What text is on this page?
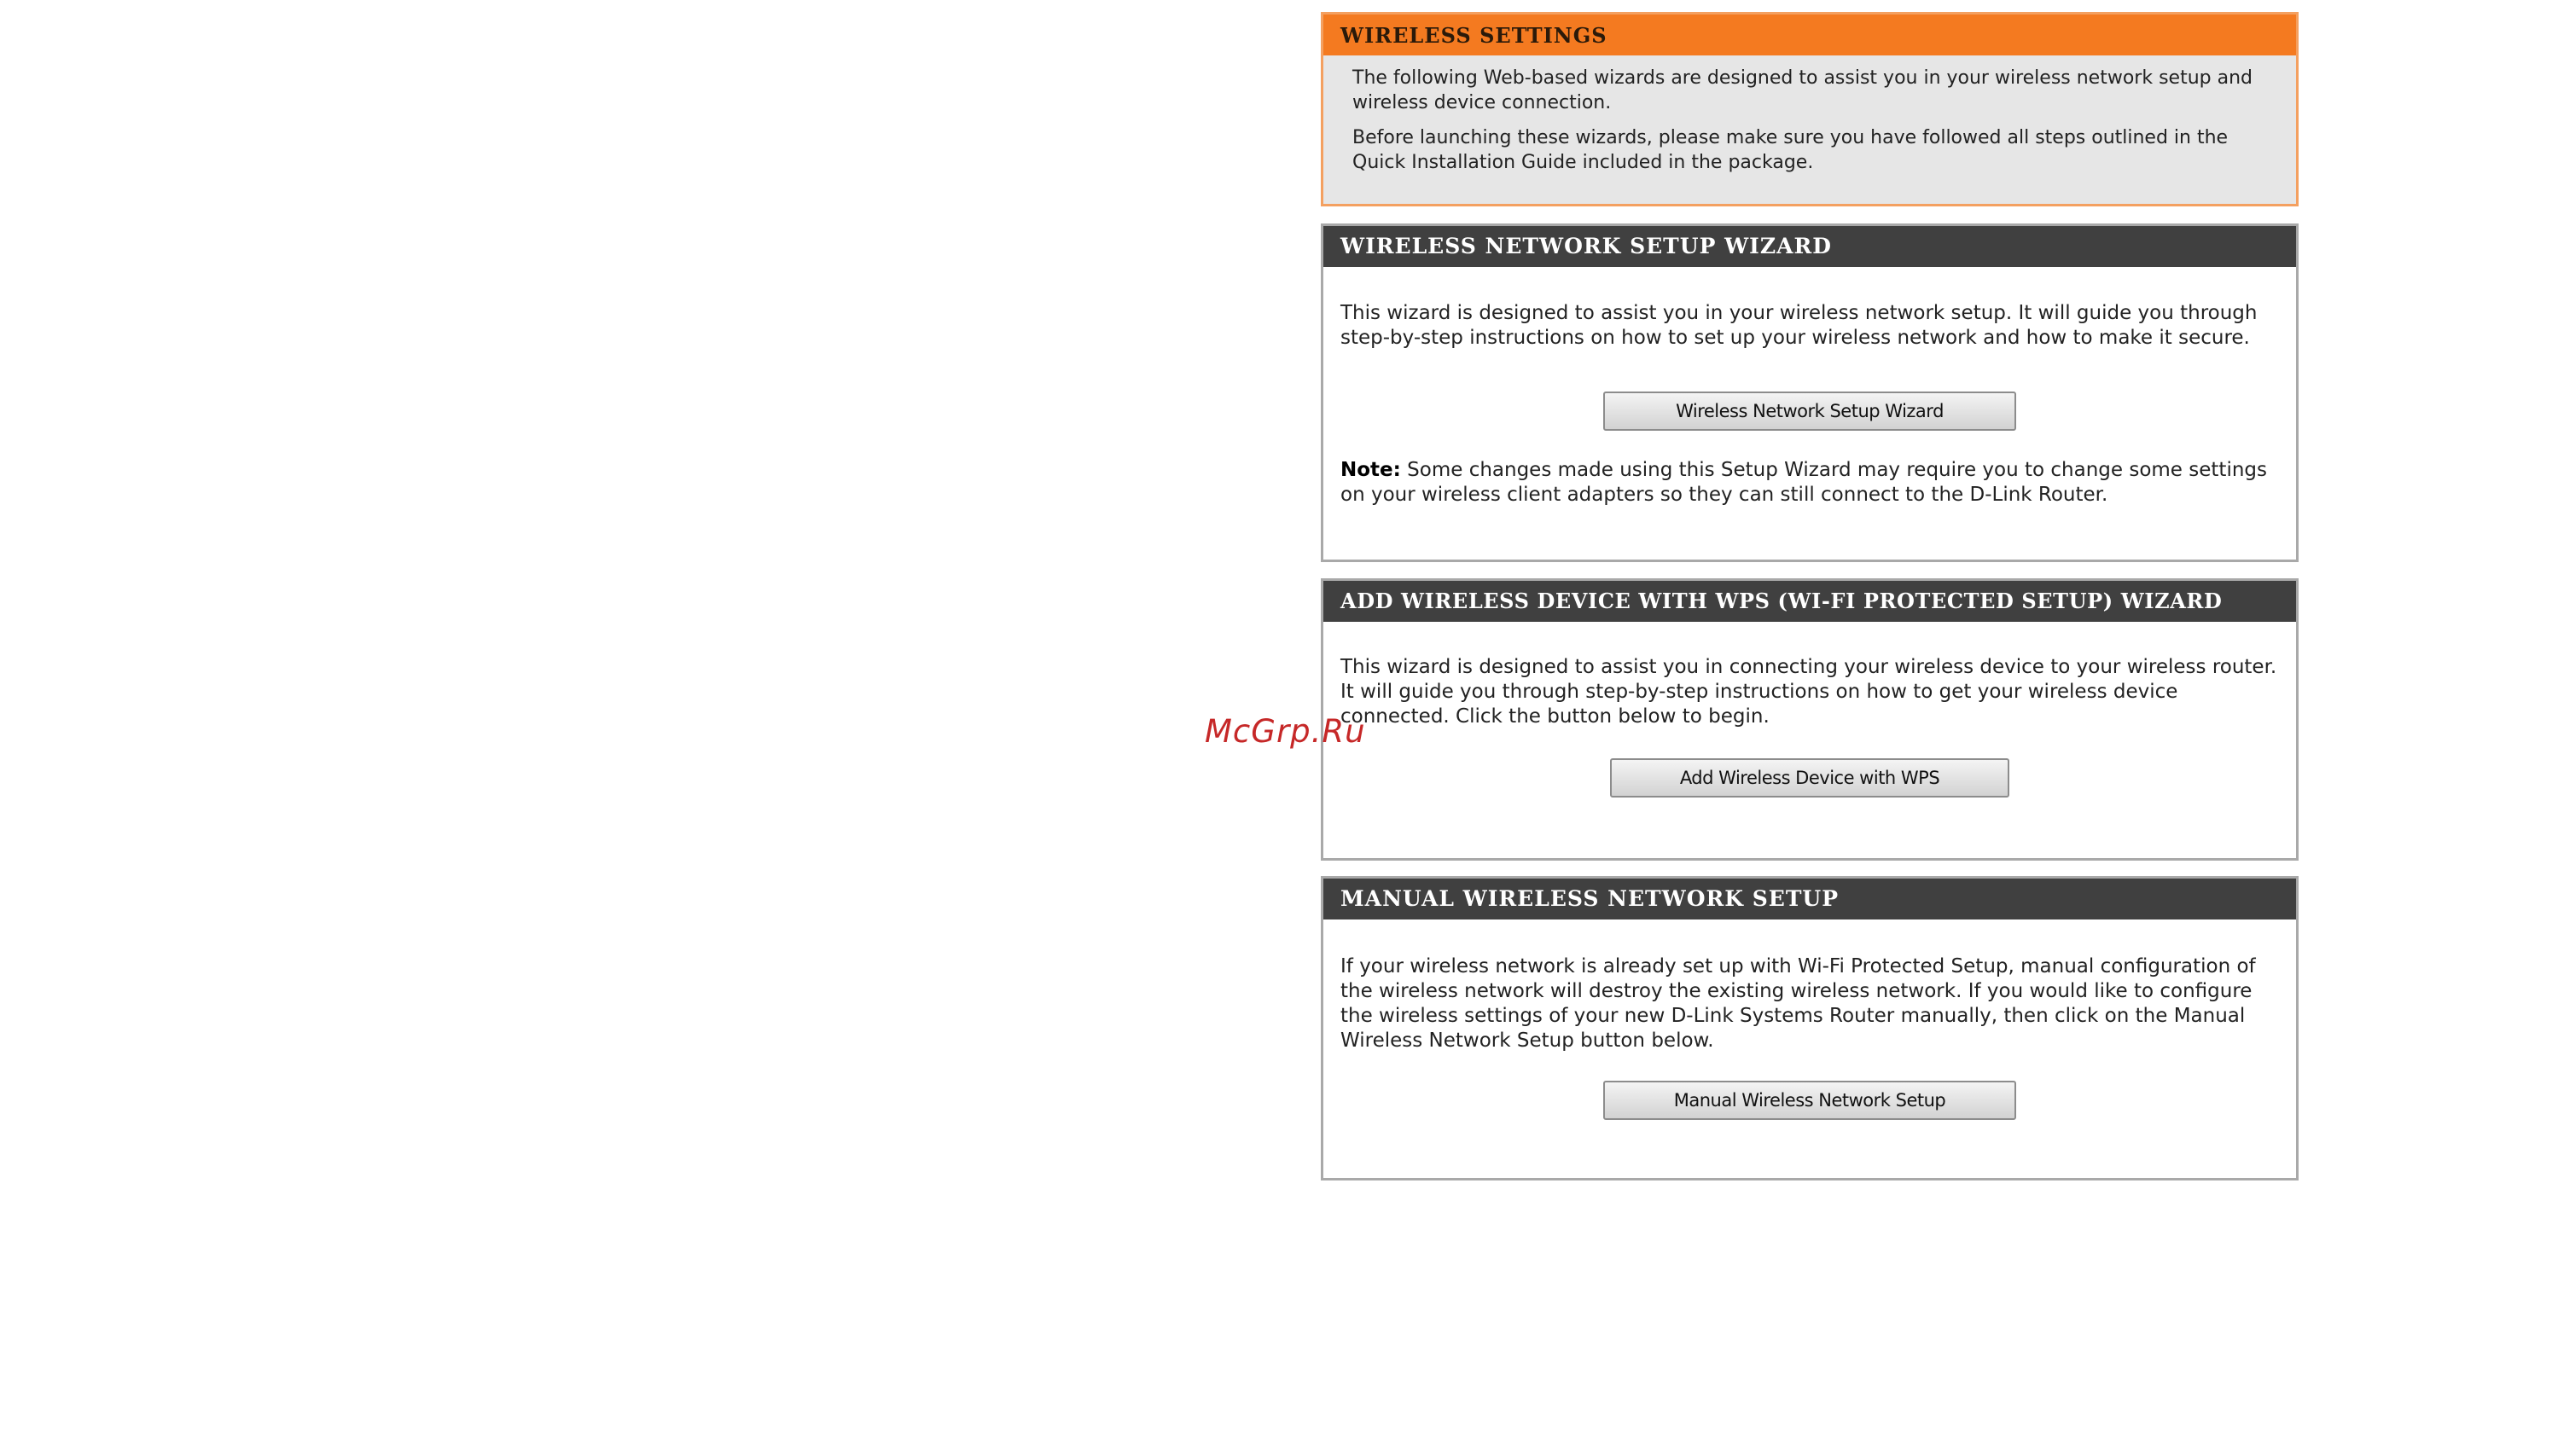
WIRELESS SETTINGS

The following Web-based wizards are designed to assist you in your wireless network setup and wireless device connection.

Before launching these wizards, please make sure you have followed all steps outlined in the Quick Installation Guide included in the package.

WIRELESS NETWORK SETUP WIZARD

This wizard is designed to assist you in your wireless network setup. It will guide you through step-by-step instructions on how to set up your wireless network and how to make it secure.

Wireless Network Setup Wizard

Note: Some changes made using this Setup Wizard may require you to change some settings on your wireless client adapters so they can still connect to the D-Link Router.

ADD WIRELESS DEVICE WITH WPS (WI-FI PROTECTED SETUP) WIZARD

This wizard is designed to assist you in connecting your wireless device to your wireless router. It will guide you through step-by-step instructions on how to get your wireless device connected. Click the button below to begin.

Add Wireless Device with WPS
MANUAL WIRELESS NETWORK SETUP

If your wireless network is already set up with Wi-Fi Protected Setup, manual configuration of the wireless network will destroy the existing wireless network. If you would like to configure the wireless settings of your new D-Link Systems Router manually, then click on the Manual Wireless Network Setup button below.

Manual Wireless Network Setup
McGrp.Ru
